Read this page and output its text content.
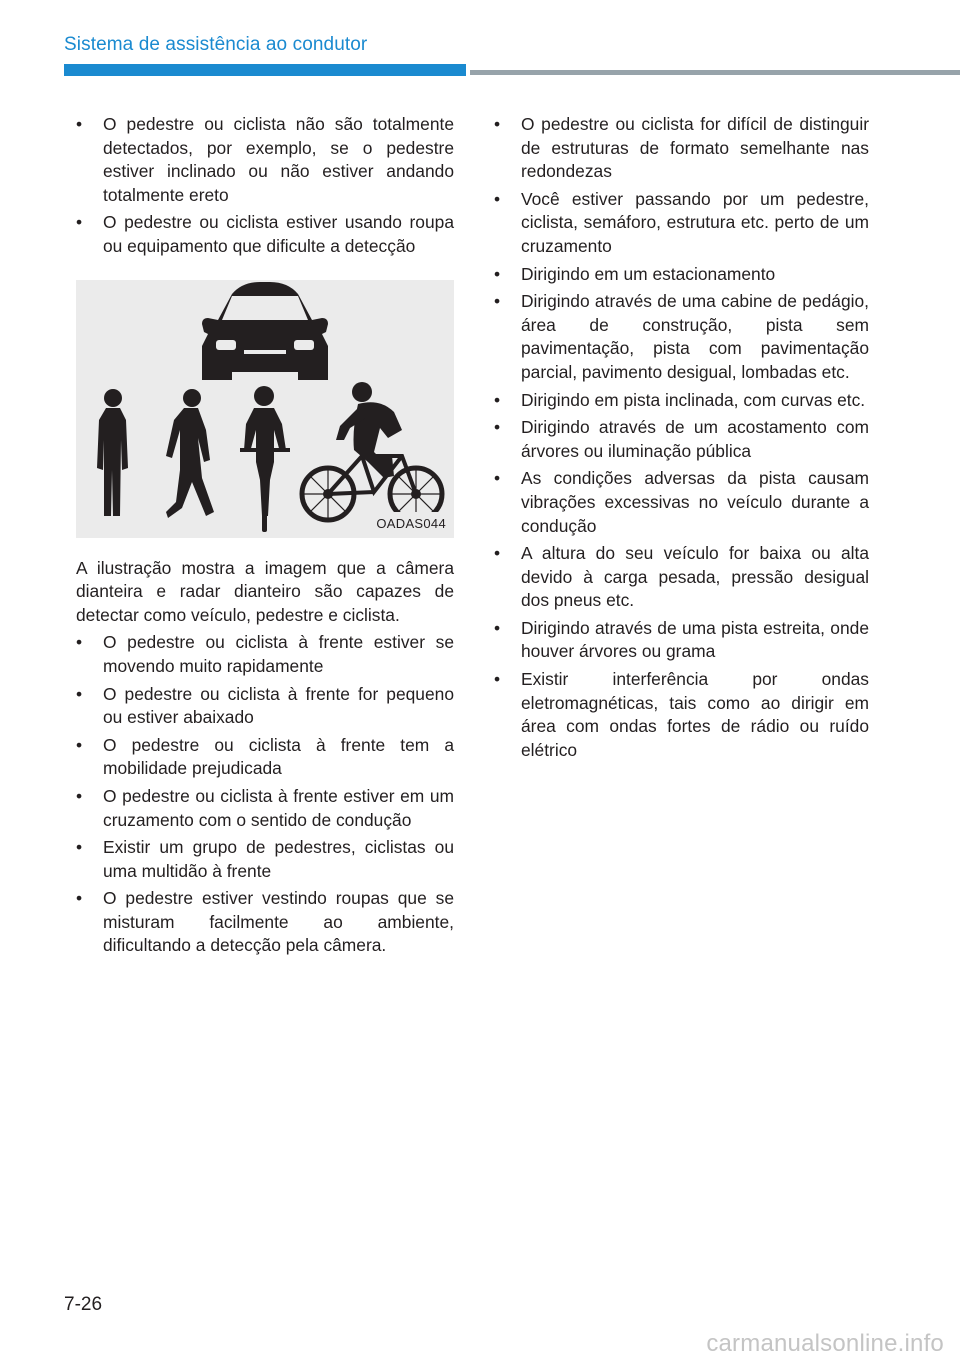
Sistema de assistência ao condutor
• O pedestre ou ciclista não são totalmente detectados, por exemplo, se o pedestre estiver inclinado ou não estiver andando totalmente ereto
• O pedestre ou ciclista estiver usando roupa ou equipamento que dificulte a detecção
OADAS044

A ilustração mostra a imagem que a câmera dianteira e radar dianteiro são capazes de detectar como veículo, pedestre e ciclista.

• O pedestre ou ciclista à frente estiver se movendo muito rapidamente
• O pedestre ou ciclista à frente for pequeno ou estiver abaixado
• O pedestre ou ciclista à frente tem a mobilidade prejudicada
• O pedestre ou ciclista à frente estiver em um cruzamento com o sentido de condução
• Existir um grupo de pedestres, ciclistas ou uma multidão à frente
• O pedestre estiver vestindo roupas que se misturam facilmente ao ambiente, dificultando a detecção pela câmera.
• O pedestre ou ciclista for difícil de distinguir de estruturas de formato semelhante nas redondezas
• Você estiver passando por um pedestre, ciclista, semáforo, estrutura etc. perto de um cruzamento
• Dirigindo em um estacionamento
• Dirigindo através de uma cabine de pedágio, área de construção, pista sem pavimentação, pista com pavimentação parcial, pavimento desigual, lombadas etc.
• Dirigindo em pista inclinada, com curvas etc.
• Dirigindo através de um acostamento com árvores ou iluminação pública
• As condições adversas da pista causam vibrações excessivas no veículo durante a condução
• A altura do seu veículo for baixa ou alta devido à carga pesada, pressão desigual dos pneus etc.
• Dirigindo através de uma pista estreita, onde houver árvores ou grama
• Existir interferência por ondas eletromagnéticas, tais como ao dirigir em área com ondas fortes de rádio ou ruído elétrico
7-26
carmanualsonline.info
